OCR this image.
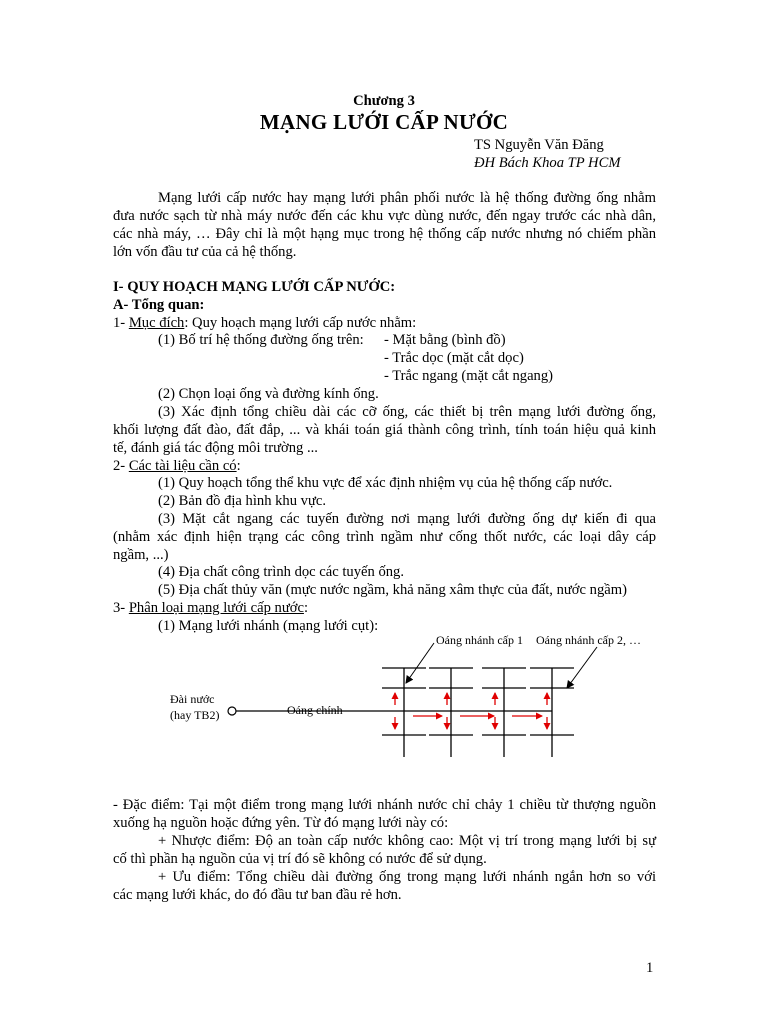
Chương 3
MẠNG LƯỚI CẤP NƯỚC
TS Nguyễn Văn Đăng
ĐH Bách Khoa TP HCM
Mạng lưới cấp nước hay mạng lưới phân phối nước là hệ thống đường ống nhằm
đưa nước sạch từ nhà máy nước đến các khu vực dùng nước, đến ngay trước các nhà dân,
các nhà máy, … Đây chỉ là một hạng mục trong hệ thống cấp nước nhưng nó chiếm phần
lớn vốn đầu tư của cả hệ thống.
I- QUY HOẠCH MẠNG LƯỚI CẤP NƯỚC:
A- Tổng quan:
1- Mục đích: Quy hoạch mạng lưới cấp nước nhằm:
(1) Bố trí hệ thống đường ống trên: - Mặt bằng (bình đồ)
- Trắc dọc (mặt cắt dọc)
- Trắc ngang (mặt cắt ngang)
(2) Chọn loại ống và đường kính ống.
(3) Xác định tổng chiều dài các cỡ ống, các thiết bị trên mạng lưới đường ống,
khối lượng đất đào, đất đắp, ... và khái toán giá thành công trình, tính toán hiệu quả kinh
tế, đánh giá tác động môi trường ...
2- Các tài liệu cần có:
(1) Quy hoạch tổng thể khu vực để xác định nhiệm vụ của hệ thống cấp nước.
(2) Bản đồ địa hình khu vực.
(3) Mặt cắt ngang các tuyến đường nơi mạng lưới đường ống dự kiến đi qua
(nhằm xác định hiện trạng các công trình ngầm như cống thốt nước, các loại dây cáp
ngầm, ...)
(4) Địa chất công trình dọc các tuyến ống.
(5) Địa chất thủy văn (mực nước ngầm, khả năng xâm thực của đất, nước ngầm)
3- Phân loại mạng lưới cấp nước:
(1) Mạng lưới nhánh (mạng lưới cụt):
Oáng nhánh cấp 1 Oáng nhánh cấp 2, …
Đài nước
(hay TB2)	Oáng chính
- Đặc điểm: Tại một điểm trong mạng lưới nhánh nước chỉ chảy 1 chiều từ thượng nguồn
xuống hạ nguồn hoặc đứng yên. Từ đó mạng lưới này có:
+ Nhược điểm: Độ an toàn cấp nước không cao: Một vị trí trong mạng lưới bị sự
cố thì phần hạ nguồn của vị trí đó sẽ không có nước để sử dụng.
+ Ưu điểm: Tổng chiều dài đường ống trong mạng lưới nhánh ngắn hơn so với
các mạng lưới khác, do đó đầu tư ban đầu rẻ hơn.
1
